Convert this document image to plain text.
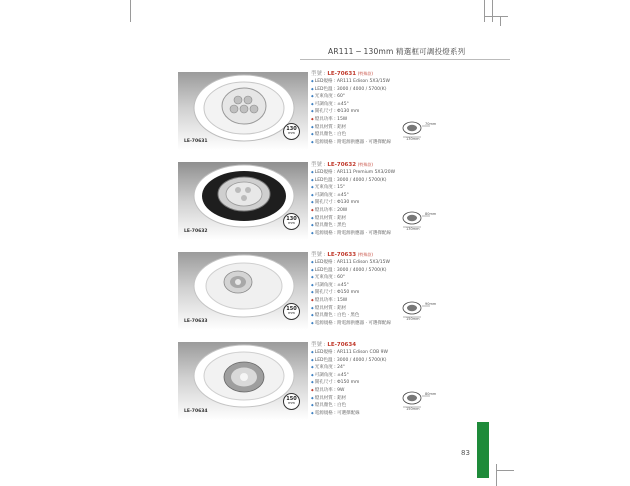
AR111 ─ 130mm 精選框可調投燈系列
LE-70631
130
mm
型號 : LE-70631 (特殊款)
◆ LED規格 : AR111 Edison 5X3/15W
◆ LED色溫 : 3000 / 4000 / 5700(K)
◆ 光束角度 : 60°
◆ 可調角度 : ±45°
◆ 開孔尺寸 : Φ130 mm
◆ 燈具功率 : 15W
◆ 燈具材質 : 鋁材
◆ 燈具顏色 : 白色
◆ 電源規格 : 附電源供應器 · 可選擇配線
70mm
130mm
LE-70632
130
mm
型號 : LE-70632 (特殊款)
◆ LED規格 : AR111 Premium 5X3/20W
◆ LED色溫 : 3000 / 4000 / 5700(K)
◆ 光束角度 : 15°
◆ 可調角度 : ±45°
◆ 開孔尺寸 : Φ130 mm
◆ 燈具功率 : 20W
◆ 燈具材質 : 鋁材
◆ 燈具顏色 : 黑色
◆ 電源規格 : 附電源供應器 · 可選擇配線
80mm
130mm
LE-70633
150
mm
型號 : LE-70633 (特殊款)
◆ LED規格 : AR111 Edison 5X3/15W
◆ LED色溫 : 3000 / 4000 / 5700(K)
◆ 光束角度 : 60°
◆ 可調角度 : ±45°
◆ 開孔尺寸 : Φ150 mm
◆ 燈具功率 : 15W
◆ 燈具材質 : 鋁材
◆ 燈具顏色 : 白色 · 黑色
◆ 電源規格 : 附電源供應器 · 可選擇配線
90mm
150mm
LE-70634
150
mm
型號 : LE-70634
◆ LED規格 : AR111 Edison COB 9W
◆ LED色溫 : 3000 / 4000 / 5700(K)
◆ 光束角度 : 24°
◆ 可調角度 : ±45°
◆ 開孔尺寸 : Φ150 mm
◆ 燈具功率 : 9W
◆ 燈具材質 : 鋁材
◆ 燈具顏色 : 白色
◆ 電源規格 : 可選擇配線
80mm
150mm
83
